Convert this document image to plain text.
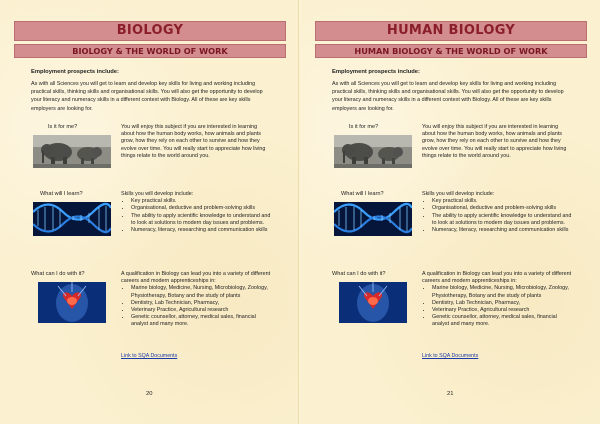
BIOLOGY
BIOLOGY & THE WORLD OF WORK
Employment prospects include:
As with all Sciences you will get to learn and develop key skills for living and working including practical skills, thinking skills and organisational skills. You will also get the opportunity to develop your literacy and numeracy skills in a different context with Biology. All of these are key skills employers are looking for.
Is it for me?	You will enjoy this subject if you are interested in learning about how the human body works, how animals and plants grow, how they rely on each other to survive and how they evolve over time. You will really start to appreciate how living things relate to the world around you.

What will I learn?	Skills you will develop include:

• Key practical skills.
• Organisational, deductive and problem-solving skills
• The ability to apply scientific knowledge to understand and to look at solutions to modern day issues and problems.
• Numeracy, literacy, researching and communication skills
What can I do with it?	A qualification in Biology can lead you into a variety of different careers and modern apprenticeships in:

• Marine biology, Medicine, Nursing, Microbiology, Zoology, Physiotherapy, Botany and the study of plants
• Dentistry, Lab Technician, Pharmacy,
• Veterinary Practice, Agricultural research
• Genetic counsellor, attorney, medical sales, financial analyst and many more.
Link to SQA Documents
20
HUMAN BIOLOGY
HUMAN BIOLOGY & THE WORLD OF WORK
Employment prospects include:
As with all Sciences you will get to learn and develop key skills for living and working including practical skills, thinking skills and organisational skills. You will also get the opportunity to develop your literacy and numeracy skills in a different context with Biology. All of these are key skills employers are looking for.
Is it for me?	You will enjoy this subject if you are interested in learning about how the human body works, how animals and plants grow, how they rely on each other to survive and how they evolve over time. You will really start to appreciate how living things relate to the world around you.

What will I learn?	Skills you will develop include:

• Key practical skills.
• Organisational, deductive and problem-solving skills
• The ability to apply scientific knowledge to understand and to look at solutions to modern day issues and problems.
• Numeracy, literacy, researching and communication skills
What can I do with it?	A qualification in Biology can lead you into a variety of different careers and modern apprenticeships in:

• Marine biology, Medicine, Nursing, Microbiology, Zoology, Physiotherapy, Botany and the study of plants
• Dentistry, Lab Technician, Pharmacy,
• Veterinary Practice, Agricultural research
• Genetic counsellor, attorney, medical sales, financial analyst and many more.
Link to SQA Documents
21
